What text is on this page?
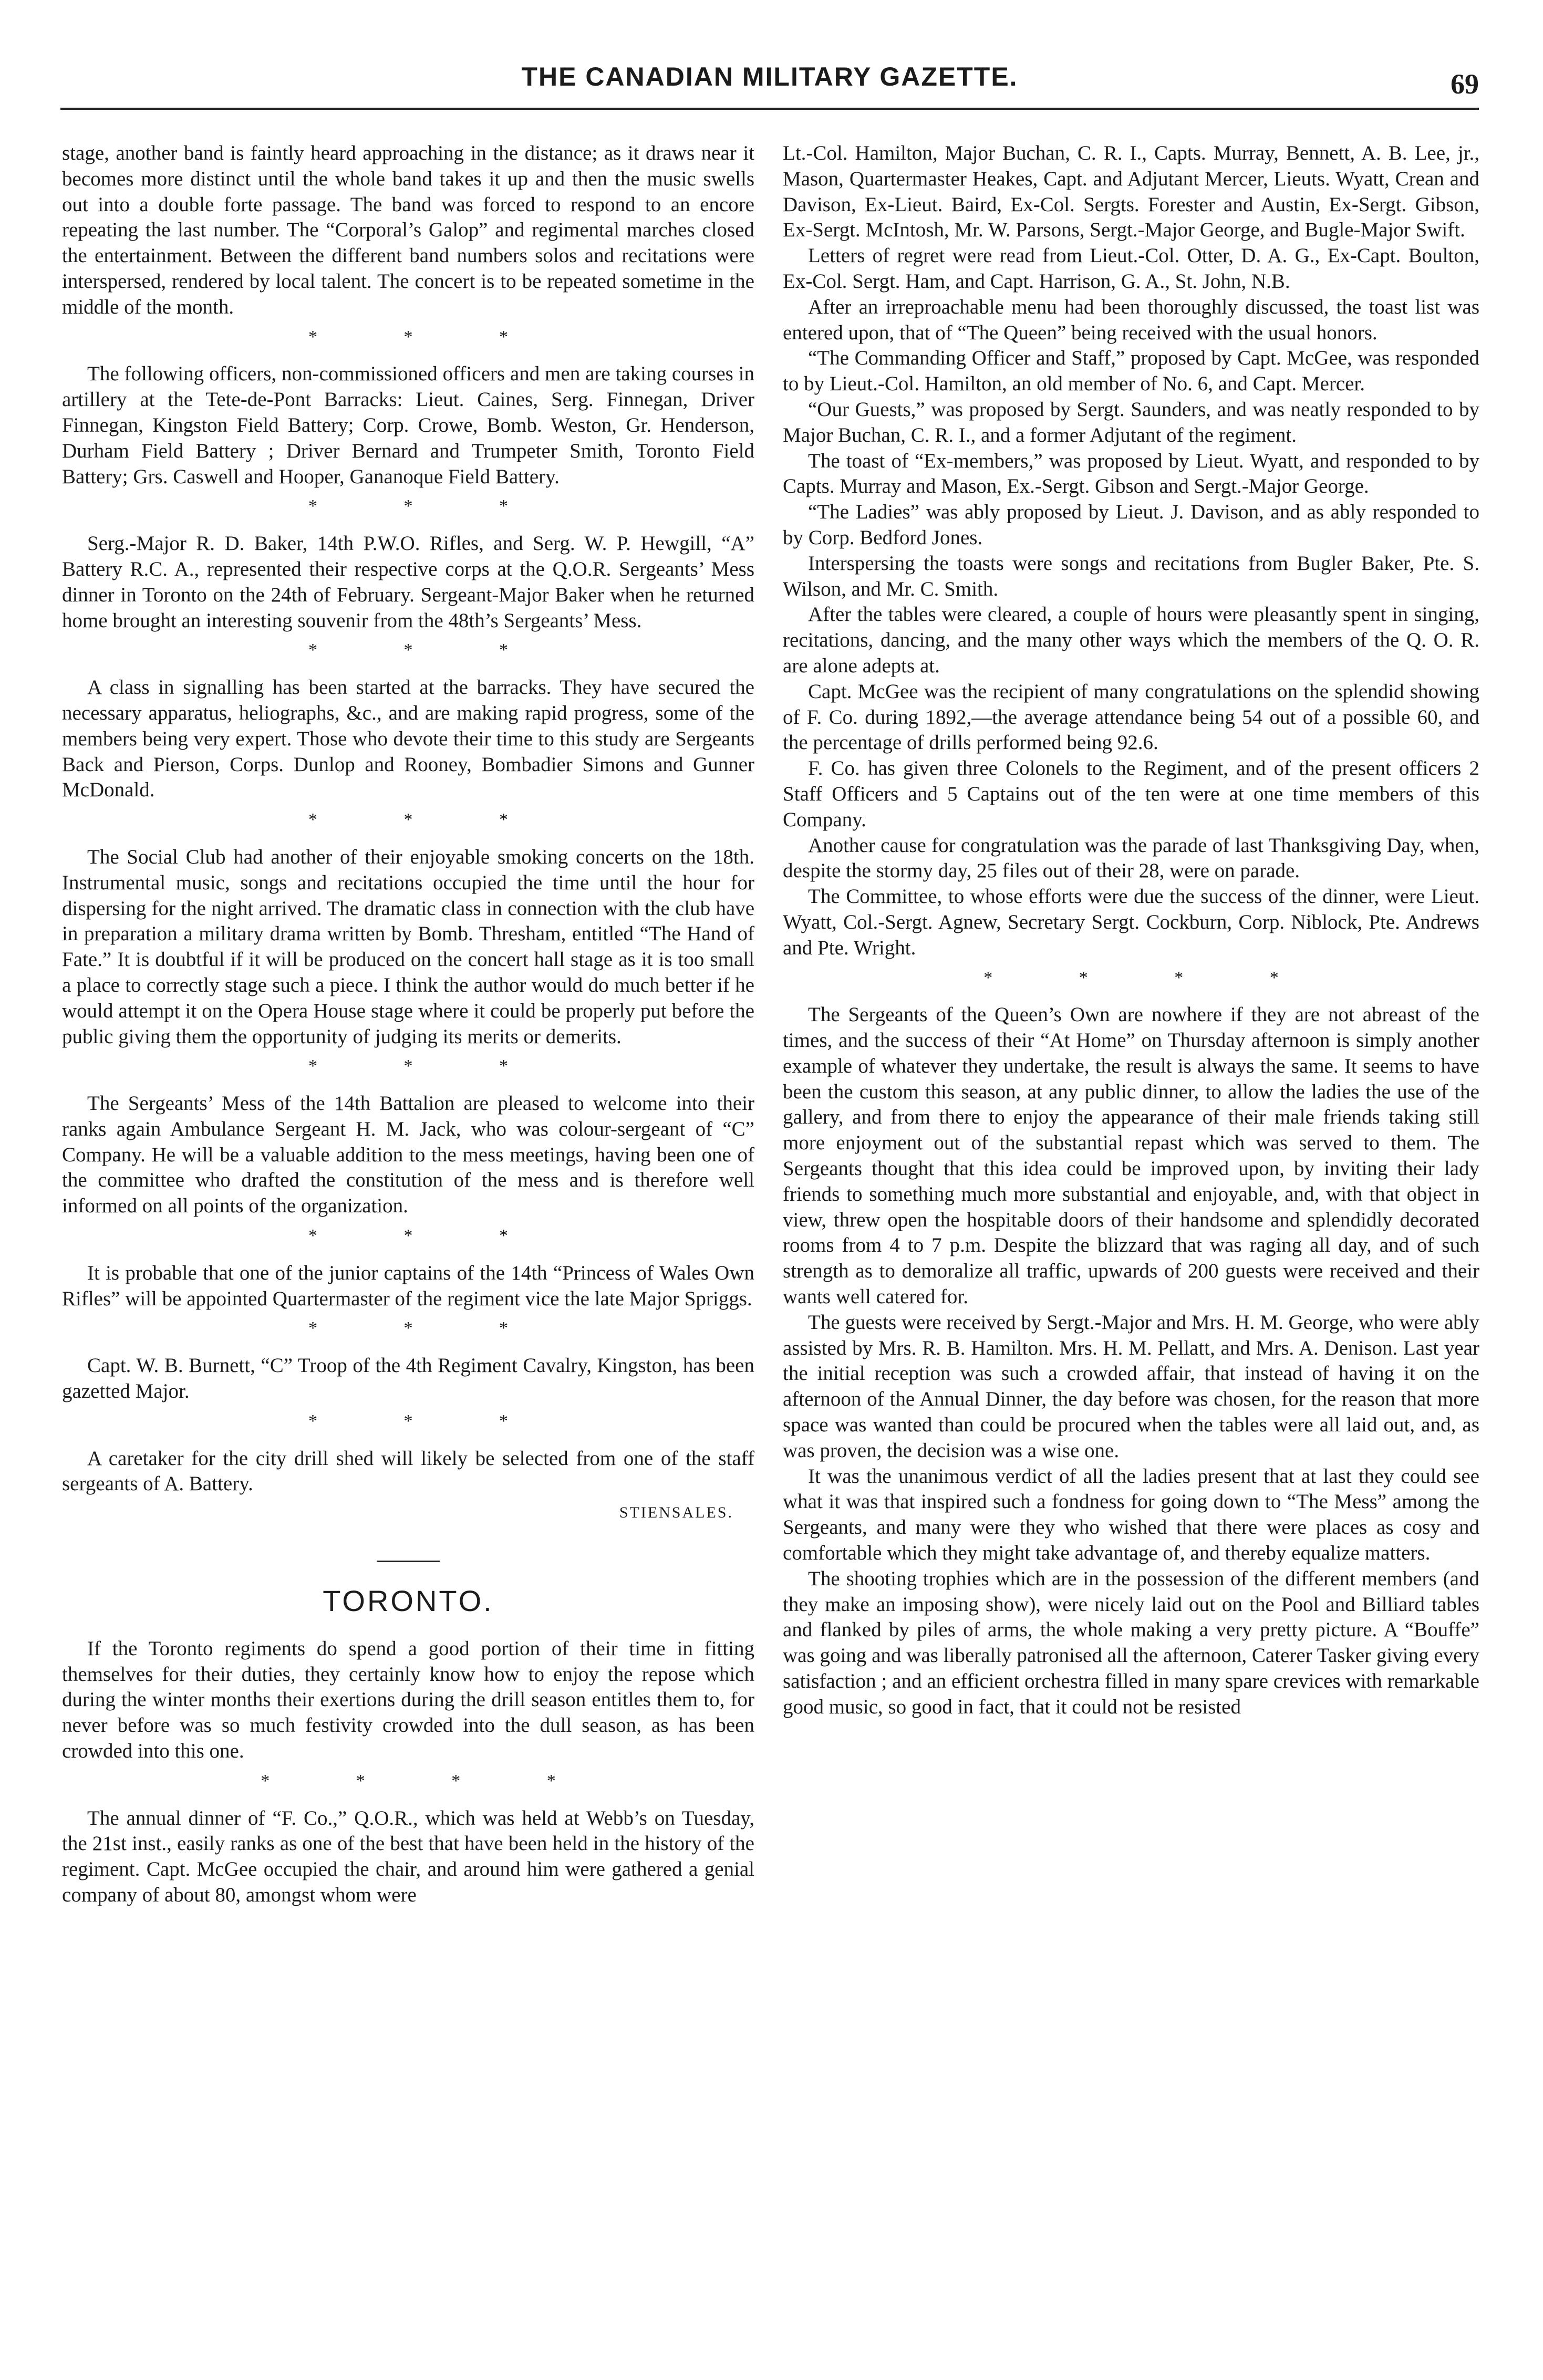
THE CANADIAN MILITARY GAZETTE.	69

stage, another band is faintly heard approaching in the distance; as it draws near it becomes more distinct until the whole band takes it up and then the music swells out into a double forte passage. The band was forced to respond to an encore repeating the last number. The “Corporal’s Galop” and regimental marches closed the entertainment. Between the different band numbers solos and recitations were interspersed, rendered by local talent. The concert is to be repeated sometime in the middle of the month.

* * *

The following officers, non-commissioned officers and men are taking courses in artillery at the Tete-de-Pont Barracks: Lieut. Caines, Serg. Finnegan, Driver Finnegan, Kingston Field Battery; Corp. Crowe, Bomb. Weston, Gr. Henderson, Durham Field Battery ; Driver Bernard and Trumpeter Smith, Toronto Field Battery; Grs. Caswell and Hooper, Gananoque Field Battery.

* * *

Serg.-Major R. D. Baker, 14th P.W.O. Rifles, and Serg. W. P. Hewgill, “A” Battery R.C. A., represented their respective corps at the Q.O.R. Sergeants’ Mess dinner in Toronto on the 24th of February. Sergeant-Major Baker when he returned home brought an interesting souvenir from the 48th’s Sergeants’ Mess.

* * *

A class in signalling has been started at the barracks. They have secured the necessary apparatus, heliographs, &c., and are making rapid progress, some of the members being very expert. Those who devote their time to this study are Sergeants Back and Pierson, Corps. Dunlop and Rooney, Bombadier Simons and Gunner McDonald.

* * *

The Social Club had another of their enjoyable smoking concerts on the 18th. Instrumental music, songs and recitations occupied the time until the hour for dispersing for the night arrived. The dramatic class in connection with the club have in preparation a military drama written by Bomb. Thresham, entitled “The Hand of Fate.” It is doubtful if it will be produced on the concert hall stage as it is too small a place to correctly stage such a piece. I think the author would do much better if he would attempt it on the Opera House stage where it could be properly put before the public giving them the opportunity of judging its merits or demerits.

* * *

The Sergeants’ Mess of the 14th Battalion are pleased to welcome into their ranks again Ambulance Sergeant H. M. Jack, who was colour-sergeant of “C” Company. He will be a valuable addition to the mess meetings, having been one of the committee who drafted the constitution of the mess and is therefore well informed on all points of the organization.

* * *

It is probable that one of the junior captains of the 14th “Princess of Wales Own Rifles” will be appointed Quartermaster of the regiment vice the late Major Spriggs.

* * *

Capt. W. B. Burnett, “C” Troop of the 4th Regiment Cavalry, Kingston, has been gazetted Major.

* * *

A caretaker for the city drill shed will likely be selected from one of the staff sergeants of A. Battery.

STIENSALES.

TORONTO.

If the Toronto regiments do spend a good portion of their time in fitting themselves for their duties, they certainly know how to enjoy the repose which during the winter months their exertions during the drill season entitles them to, for never before was so much festivity crowded into the dull season, as has been crowded into this one.

* * * *

The annual dinner of “F. Co.,” Q.O.R., which was held at Webb’s on Tuesday, the 21st inst., easily ranks as one of the best that have been held in the history of the regiment. Capt. McGee occupied the chair, and around him were gathered a genial company of about 80, amongst whom were

Lt.-Col. Hamilton, Major Buchan, C. R. I., Capts. Murray, Bennett, A. B. Lee, jr., Mason, Quartermaster Heakes, Capt. and Adjutant Mercer, Lieuts. Wyatt, Crean and Davison, Ex-Lieut. Baird, Ex-Col. Sergts. Forester and Austin, Ex-Sergt. Gibson, Ex-Sergt. McIntosh, Mr. W. Parsons, Sergt.-Major George, and Bugle-Major Swift.

Letters of regret were read from Lieut.-Col. Otter, D. A. G., Ex-Capt. Boulton, Ex-Col. Sergt. Ham, and Capt. Harrison, G. A., St. John, N.B.

After an irreproachable menu had been thoroughly discussed, the toast list was entered upon, that of “The Queen” being received with the usual honors.

“The Commanding Officer and Staff,” proposed by Capt. McGee, was responded to by Lieut.-Col. Hamilton, an old member of No. 6, and Capt. Mercer.

“Our Guests,” was proposed by Sergt. Saunders, and was neatly responded to by Major Buchan, C. R. I., and a former Adjutant of the regiment.

The toast of “Ex-members,” was proposed by Lieut. Wyatt, and responded to by Capts. Murray and Mason, Ex.-Sergt. Gibson and Sergt.-Major George.

“The Ladies” was ably proposed by Lieut. J. Davison, and as ably responded to by Corp. Bedford Jones.

Interspersing the toasts were songs and recitations from Bugler Baker, Pte. S. Wilson, and Mr. C. Smith.

After the tables were cleared, a couple of hours were pleasantly spent in singing, recitations, dancing, and the many other ways which the members of the Q. O. R. are alone adepts at.

Capt. McGee was the recipient of many congratulations on the splendid showing of F. Co. during 1892,—the average attendance being 54 out of a possible 60, and the percentage of drills performed being 92.6.

F. Co. has given three Colonels to the Regiment, and of the present officers 2 Staff Officers and 5 Captains out of the ten were at one time members of this Company.

Another cause for congratulation was the parade of last Thanksgiving Day, when, despite the stormy day, 25 files out of their 28, were on parade.

The Committee, to whose efforts were due the success of the dinner, were Lieut. Wyatt, Col.-Sergt. Agnew, Secretary Sergt. Cockburn, Corp. Niblock, Pte. Andrews and Pte. Wright.

* * * *

The Sergeants of the Queen’s Own are nowhere if they are not abreast of the times, and the success of their “At Home” on Thursday afternoon is simply another example of whatever they undertake, the result is always the same. It seems to have been the custom this season, at any public dinner, to allow the ladies the use of the gallery, and from there to enjoy the appearance of their male friends taking still more enjoyment out of the substantial repast which was served to them. The Sergeants thought that this idea could be improved upon, by inviting their lady friends to something much more substantial and enjoyable, and, with that object in view, threw open the hospitable doors of their handsome and splendidly decorated rooms from 4 to 7 p.m. Despite the blizzard that was raging all day, and of such strength as to demoralize all traffic, upwards of 200 guests were received and their wants well catered for.

The guests were received by Sergt.-Major and Mrs. H. M. George, who were ably assisted by Mrs. R. B. Hamilton. Mrs. H. M. Pellatt, and Mrs. A. Denison. Last year the initial reception was such a crowded affair, that instead of having it on the afternoon of the Annual Dinner, the day before was chosen, for the reason that more space was wanted than could be procured when the tables were all laid out, and, as was proven, the decision was a wise one.

It was the unanimous verdict of all the ladies present that at last they could see what it was that inspired such a fondness for going down to “The Mess” among the Sergeants, and many were they who wished that there were places as cosy and comfortable which they might take advantage of, and thereby equalize matters.

The shooting trophies which are in the possession of the different members (and they make an imposing show), were nicely laid out on the Pool and Billiard tables and flanked by piles of arms, the whole making a very pretty picture. A “Bouffe” was going and was liberally patronised all the afternoon, Caterer Tasker giving every satisfaction ; and an efficient orchestra filled in many spare crevices with remarkable good music, so good in fact, that it could not be resisted
